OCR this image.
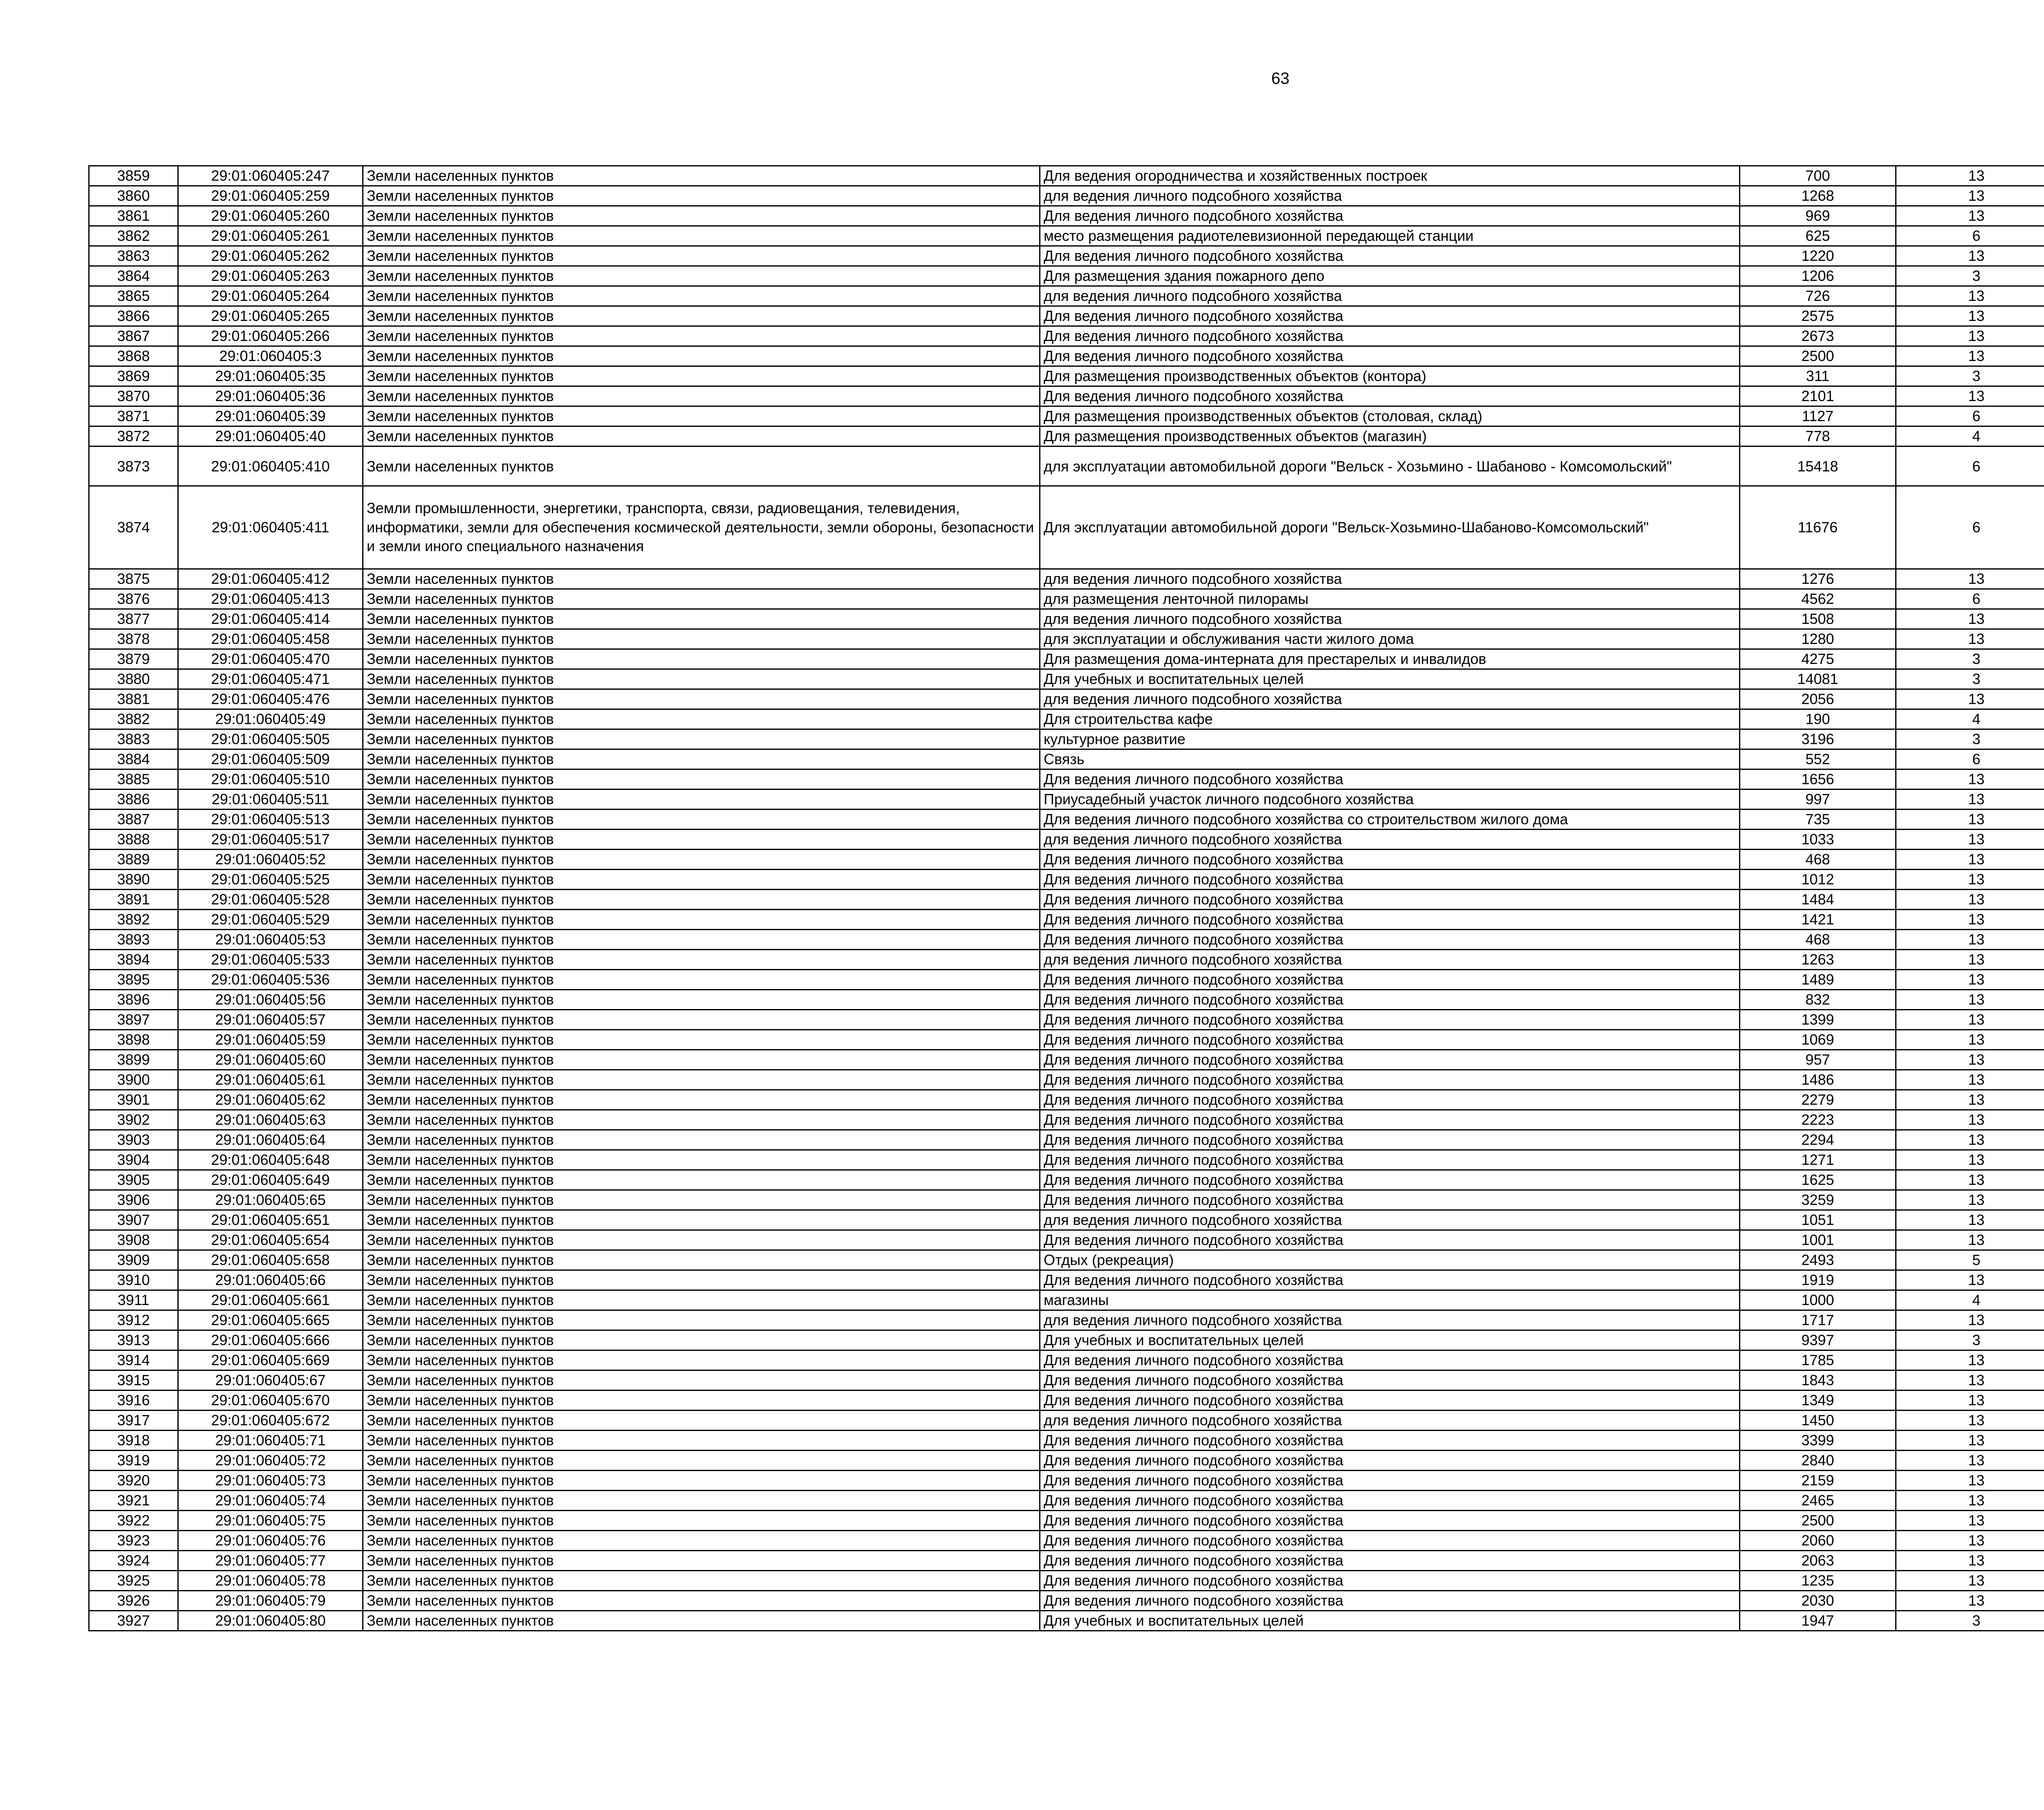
63
3859	29:01:060405:247	Земли населенных пунктов	Для ведения огородничества и хозяйственных построек	700	13		
3860	29:01:060405:259	Земли населенных пунктов	для ведения личного подсобного хозяйства	1268	13		
3861	29:01:060405:260	Земли населенных пунктов	Для ведения личного подсобного хозяйства	969	13		
3862	29:01:060405:261	Земли населенных пунктов	место размещения радиотелевизионной передающей станции	625	6		
3863	29:01:060405:262	Земли населенных пунктов	Для ведения личного подсобного хозяйства	1220	13		
3864	29:01:060405:263	Земли населенных пунктов	Для размещения здания пожарного депо	1206	3		
3865	29:01:060405:264	Земли населенных пунктов	для ведения личного подсобного хозяйства	726	13		
3866	29:01:060405:265	Земли населенных пунктов	Для ведения личного подсобного хозяйства	2575	13		
3867	29:01:060405:266	Земли населенных пунктов	Для ведения личного подсобного хозяйства	2673	13		
3868	29:01:060405:3	Земли населенных пунктов	Для ведения личного подсобного хозяйства	2500	13		
3869	29:01:060405:35	Земли населенных пунктов	Для размещения производственных объектов (контора)	311	3		
3870	29:01:060405:36	Земли населенных пунктов	Для ведения личного подсобного хозяйства	2101	13		
3871	29:01:060405:39	Земли населенных пунктов	Для размещения производственных объектов (столовая, склад)	1127	6		
3872	29:01:060405:40	Земли населенных пунктов	Для размещения производственных объектов (магазин)	778	4		
3873	29:01:060405:410	Земли населенных пунктов	для эксплуатации автомобильной дороги "Вельск - Хозьмино - Шабаново - Комсомольский"	15418	6		
3874	29:01:060405:411	Земли промышленности, энергетики, транспорта, связи, радиовещания, телевидения, информатики, земли для обеспечения космической деятельности, земли обороны, безопасности и земли иного специального назначения	Для эксплуатации автомобильной дороги "Вельск-Хозьмино-Шабаново-Комсомольский"	11676	6		
3875	29:01:060405:412	Земли населенных пунктов	для ведения личного подсобного хозяйства	1276	13		
3876	29:01:060405:413	Земли населенных пунктов	для размещения ленточной пилорамы	4562	6		
3877	29:01:060405:414	Земли населенных пунктов	для ведения личного подсобного хозяйства	1508	13		
3878	29:01:060405:458	Земли населенных пунктов	для эксплуатации и обслуживания части жилого дома	1280	13		
3879	29:01:060405:470	Земли населенных пунктов	Для размещения дома-интерната для престарелых и инвалидов	4275	3		
3880	29:01:060405:471	Земли населенных пунктов	Для учебных и воспитательных целей	14081	3		
3881	29:01:060405:476	Земли населенных пунктов	для ведения личного подсобного хозяйства	2056	13		
3882	29:01:060405:49	Земли населенных пунктов	Для строительства кафе	190	4		
3883	29:01:060405:505	Земли населенных пунктов	культурное развитие	3196	3		
3884	29:01:060405:509	Земли населенных пунктов	Связь	552	6		
3885	29:01:060405:510	Земли населенных пунктов	Для ведения личного подсобного хозяйства	1656	13		
3886	29:01:060405:511	Земли населенных пунктов	Приусадебный участок личного подсобного хозяйства	997	13		
3887	29:01:060405:513	Земли населенных пунктов	Для ведения личного подсобного хозяйства со строительством жилого дома	735	13		
3888	29:01:060405:517	Земли населенных пунктов	для ведения личного подсобного хозяйства	1033	13		
3889	29:01:060405:52	Земли населенных пунктов	Для ведения личного подсобного хозяйства	468	13		
3890	29:01:060405:525	Земли населенных пунктов	Для ведения личного подсобного хозяйства	1012	13		
3891	29:01:060405:528	Земли населенных пунктов	Для ведения личного подсобного хозяйства	1484	13		
3892	29:01:060405:529	Земли населенных пунктов	Для ведения личного подсобного хозяйства	1421	13		
3893	29:01:060405:53	Земли населенных пунктов	Для ведения личного подсобного хозяйства	468	13		
3894	29:01:060405:533	Земли населенных пунктов	для ведения личного подсобного хозяйства	1263	13		
3895	29:01:060405:536	Земли населенных пунктов	Для ведения личного подсобного хозяйства	1489	13		
3896	29:01:060405:56	Земли населенных пунктов	Для ведения личного подсобного хозяйства	832	13		
3897	29:01:060405:57	Земли населенных пунктов	Для ведения личного подсобного хозяйства	1399	13		
3898	29:01:060405:59	Земли населенных пунктов	Для ведения личного подсобного хозяйства	1069	13		
3899	29:01:060405:60	Земли населенных пунктов	Для ведения личного подсобного хозяйства	957	13		
3900	29:01:060405:61	Земли населенных пунктов	Для ведения личного подсобного хозяйства	1486	13		
3901	29:01:060405:62	Земли населенных пунктов	Для ведения личного подсобного хозяйства	2279	13		
3902	29:01:060405:63	Земли населенных пунктов	Для ведения личного подсобного хозяйства	2223	13		
3903	29:01:060405:64	Земли населенных пунктов	Для ведения личного подсобного хозяйства	2294	13		
3904	29:01:060405:648	Земли населенных пунктов	Для ведения личного подсобного хозяйства	1271	13		
3905	29:01:060405:649	Земли населенных пунктов	Для ведения личного подсобного хозяйства	1625	13		
3906	29:01:060405:65	Земли населенных пунктов	Для ведения личного подсобного хозяйства	3259	13		
3907	29:01:060405:651	Земли населенных пунктов	для ведения личного подсобного хозяйства	1051	13		
3908	29:01:060405:654	Земли населенных пунктов	Для ведения личного подсобного хозяйства	1001	13		
3909	29:01:060405:658	Земли населенных пунктов	Отдых (рекреация)	2493	5		
3910	29:01:060405:66	Земли населенных пунктов	Для ведения личного подсобного хозяйства	1919	13		
3911	29:01:060405:661	Земли населенных пунктов	магазины	1000	4		
3912	29:01:060405:665	Земли населенных пунктов	для ведения личного подсобного хозяйства	1717	13		
3913	29:01:060405:666	Земли населенных пунктов	Для учебных и воспитательных целей	9397	3		
3914	29:01:060405:669	Земли населенных пунктов	Для ведения личного подсобного хозяйства	1785	13		
3915	29:01:060405:67	Земли населенных пунктов	Для ведения личного подсобного хозяйства	1843	13		
3916	29:01:060405:670	Земли населенных пунктов	Для ведения личного подсобного хозяйства	1349	13		
3917	29:01:060405:672	Земли населенных пунктов	для ведения личного подсобного хозяйства	1450	13		
3918	29:01:060405:71	Земли населенных пунктов	Для ведения личного подсобного хозяйства	3399	13		
3919	29:01:060405:72	Земли населенных пунктов	Для ведения личного подсобного хозяйства	2840	13		
3920	29:01:060405:73	Земли населенных пунктов	Для ведения личного подсобного хозяйства	2159	13		
3921	29:01:060405:74	Земли населенных пунктов	Для ведения личного подсобного хозяйства	2465	13		
3922	29:01:060405:75	Земли населенных пунктов	Для ведения личного подсобного хозяйства	2500	13		
3923	29:01:060405:76	Земли населенных пунктов	Для ведения личного подсобного хозяйства	2060	13		
3924	29:01:060405:77	Земли населенных пунктов	Для ведения личного подсобного хозяйства	2063	13		
3925	29:01:060405:78	Земли населенных пунктов	Для ведения личного подсобного хозяйства	1235	13		
3926	29:01:060405:79	Земли населенных пунктов	Для ведения личного подсобного хозяйства	2030	13		
3927	29:01:060405:80	Земли населенных пунктов	Для учебных и воспитательных целей	1947	3		
